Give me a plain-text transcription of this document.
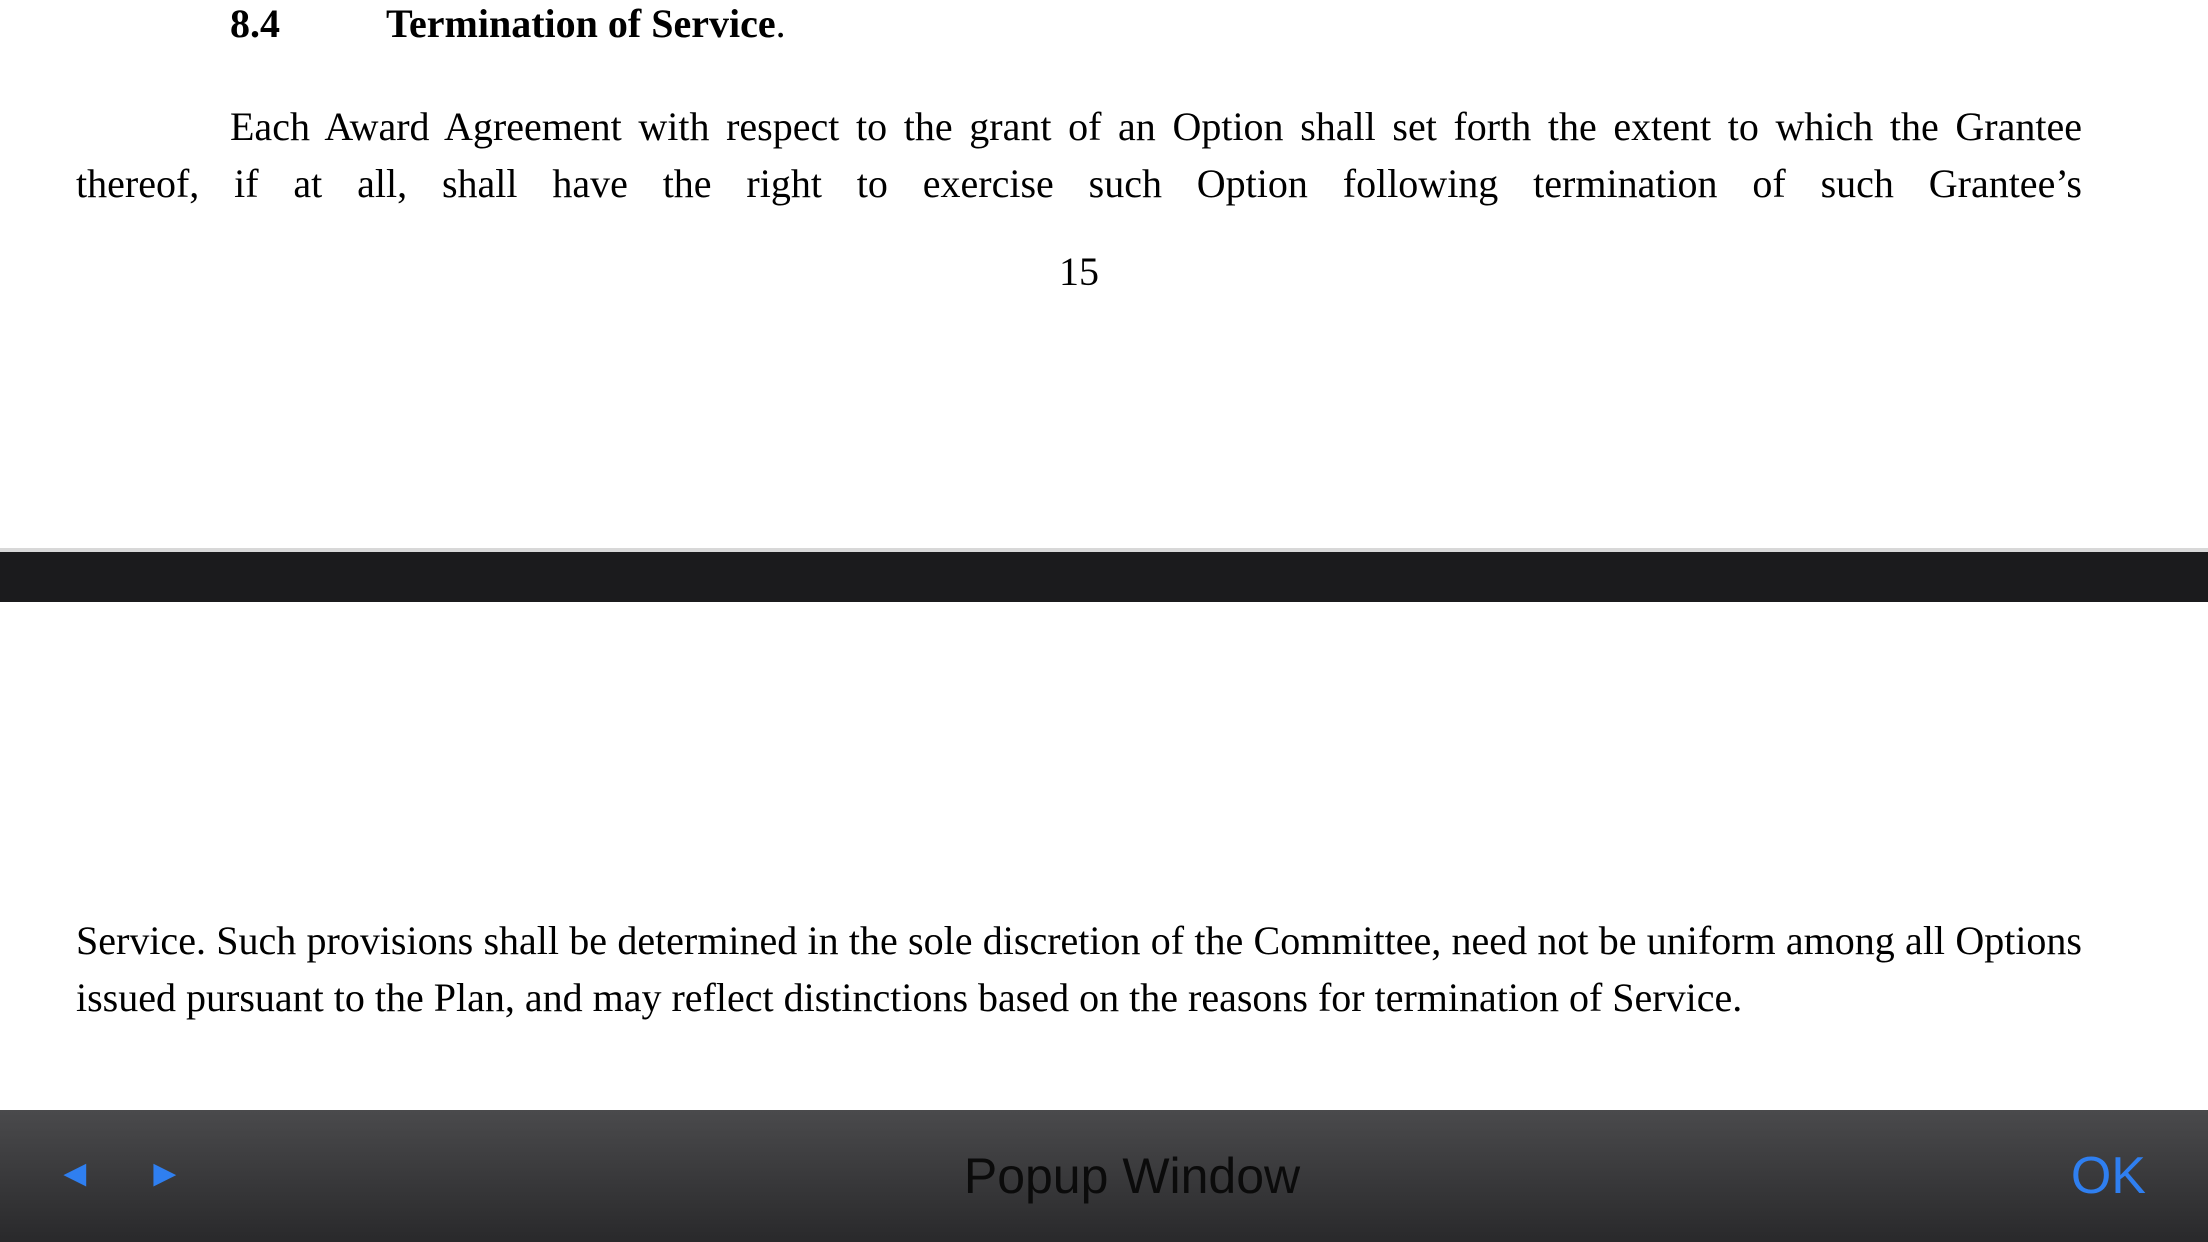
8.4	Termination of Service.
Each Award Agreement with respect to the grant of an Option shall set forth the extent to which the Grantee thereof, if at all, shall have the right to exercise such Option following termination of such Grantee’s
15
Service. Such provisions shall be determined in the sole discretion of the Committee, need not be uniform among all Options issued pursuant to the Plan, and may reflect distinctions based on the reasons for termination of Service.
◄ ►	Popup Window	OK
